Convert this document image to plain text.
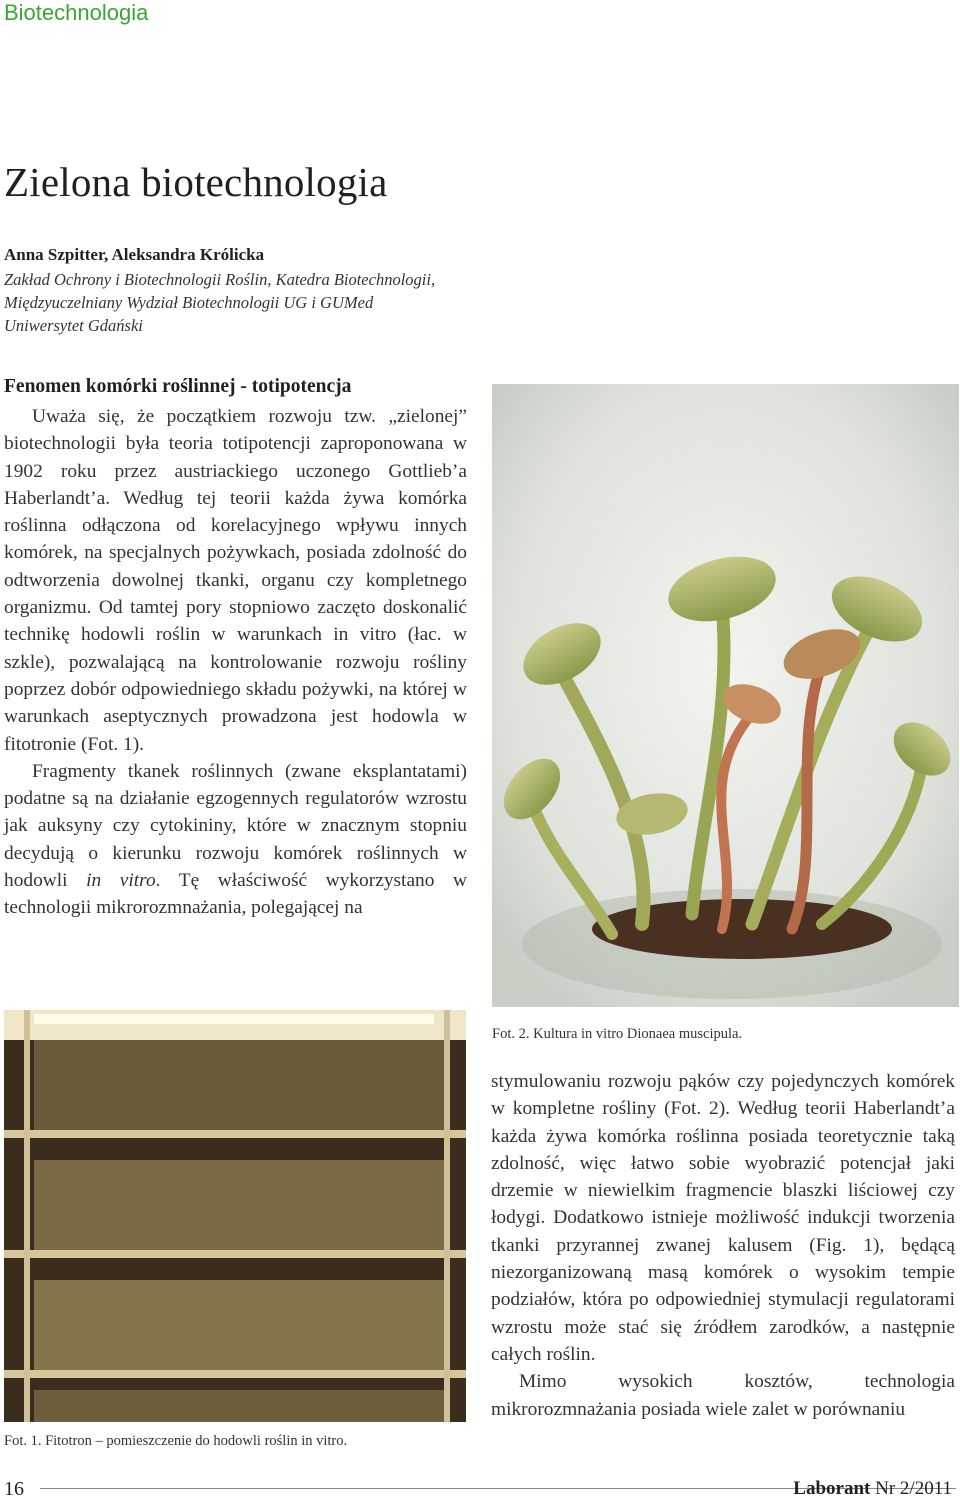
Biotechnologia
Zielona biotechnologia
Anna Szpitter, Aleksandra Królicka
Zakład Ochrony i Biotechnologii Roślin, Katedra Biotechnologii,
Międzyuczelniany Wydział Biotechnologii UG i GUMed
Uniwersytet Gdański
Fenomen komórki roślinnej - totipotencja

Uważa się, że początkiem rozwoju tzw. „zielonej” biotechnologii była teoria totipotencji zaproponowana w 1902 roku przez austriackiego uczonego Gottlieb’a Haberlandt’a. Według tej teorii każda żywa komórka roślinna odłączona od korelacyjnego wpływu innych komórek, na specjalnych pożywkach, posiada zdolność do odtworzenia dowolnej tkanki, organu czy kompletnego organizmu. Od tamtej pory stopniowo zaczęto doskonalić technikę hodowli roślin w warunkach in vitro (łac. w szkle), pozwalającą na kontrolowanie rozwoju rośliny poprzez dobór odpowiedniego składu pożywki, na której w warunkach aseptycznych prowadzona jest hodowla w fitotronie (Fot. 1).

Fragmenty tkanek roślinnych (zwane eksplantatami) podatne są na działanie egzogennych regulatorów wzrostu jak auksyny czy cytokininy, które w znacznym stopniu decydują o kierunku rozwoju komórek roślinnych w hodowli in vitro. Tę właściwość wykorzystano w technologii mikrorozmnażania, polegającej na

Fot. 2. Kultura in vitro Dionaea muscipula.
Fot. 1. Fitotron – pomieszczenie do hodowli roślin in vitro.

stymulowaniu rozwoju pąków czy pojedynczych komórek w kompletne rośliny (Fot. 2). Według teorii Haberlandt’a każda żywa komórka roślinna posiada teoretycznie taką zdolność, więc łatwo sobie wyobrazić potencjał jaki drzemie w niewielkim fragmencie blaszki liściowej czy łodygi. Dodatkowo istnieje możliwość indukcji tworzenia tkanki przyrannej zwanej kalusem (Fig. 1), będącą niezorganizowaną masą komórek o wysokim tempie podziałów, która po odpowiedniej stymulacji regulatorami wzrostu może stać się źródłem zarodków, a następnie całych roślin.

Mimo wysokich kosztów, technologia mikrorozmnażania posiada wiele zalet w porównaniu

16	Laborant Nr 2/2011
